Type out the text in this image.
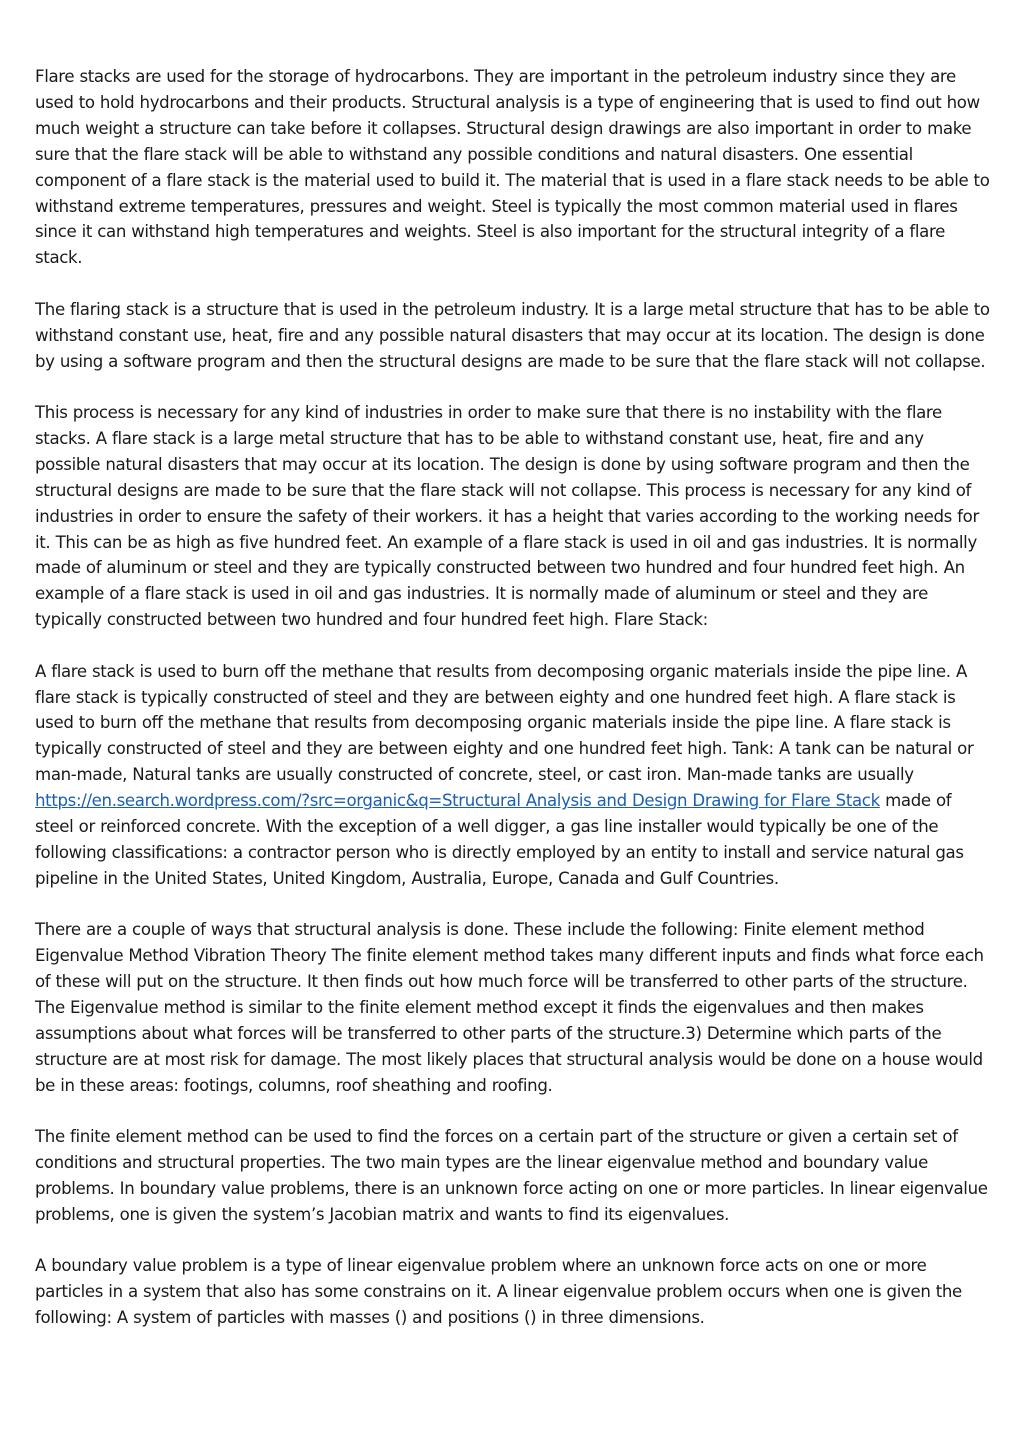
Flare stacks are used for the storage of hydrocarbons. They are important in the petroleum industry since they are used to hold hydrocarbons and their products. Structural analysis is a type of engineering that is used to find out how much weight a structure can take before it collapses. Structural design drawings are also important in order to make sure that the flare stack will be able to withstand any possible conditions and natural disasters. One essential component of a flare stack is the material used to build it. The material that is used in a flare stack needs to be able to withstand extreme temperatures, pressures and weight. Steel is typically the most common material used in flares since it can withstand high temperatures and weights. Steel is also important for the structural integrity of a flare stack.

The flaring stack is a structure that is used in the petroleum industry. It is a large metal structure that has to be able to withstand constant use, heat, fire and any possible natural disasters that may occur at its location. The design is done by using a software program and then the structural designs are made to be sure that the flare stack will not collapse.

This process is necessary for any kind of industries in order to make sure that there is no instability with the flare stacks. A flare stack is a large metal structure that has to be able to withstand constant use, heat, fire and any possible natural disasters that may occur at its location. The design is done by using software program and then the structural designs are made to be sure that the flare stack will not collapse. This process is necessary for any kind of industries in order to ensure the safety of their workers. it has a height that varies according to the working needs for it. This can be as high as five hundred feet. An example of a flare stack is used in oil and gas industries. It is normally made of aluminum or steel and they are typically constructed between two hundred and four hundred feet high. An example of a flare stack is used in oil and gas industries. It is normally made of aluminum or steel and they are typically constructed between two hundred and four hundred feet high. Flare Stack:

A flare stack is used to burn off the methane that results from decomposing organic materials inside the pipe line. A flare stack is typically constructed of steel and they are between eighty and one hundred feet high. A flare stack is used to burn off the methane that results from decomposing organic materials inside the pipe line. A flare stack is typically constructed of steel and they are between eighty and one hundred feet high. Tank: A tank can be natural or man-made, Natural tanks are usually constructed of concrete, steel, or cast iron. Man-made tanks are usually https://en.search.wordpress.com/?src=organic&q=Structural Analysis and Design Drawing for Flare Stack made of steel or reinforced concrete. With the exception of a well digger, a gas line installer would typically be one of the following classifications: a contractor person who is directly employed by an entity to install and service natural gas pipeline in the United States, United Kingdom, Australia, Europe, Canada and Gulf Countries.

There are a couple of ways that structural analysis is done. These include the following: Finite element method Eigenvalue Method Vibration Theory The finite element method takes many different inputs and finds what force each of these will put on the structure. It then finds out how much force will be transferred to other parts of the structure. The Eigenvalue method is similar to the finite element method except it finds the eigenvalues and then makes assumptions about what forces will be transferred to other parts of the structure.3) Determine which parts of the structure are at most risk for damage. The most likely places that structural analysis would be done on a house would be in these areas: footings, columns, roof sheathing and roofing.

The finite element method can be used to find the forces on a certain part of the structure or given a certain set of conditions and structural properties. The two main types are the linear eigenvalue method and boundary value problems. In boundary value problems, there is an unknown force acting on one or more particles. In linear eigenvalue problems, one is given the system’s Jacobian matrix and wants to find its eigenvalues.

A boundary value problem is a type of linear eigenvalue problem where an unknown force acts on one or more particles in a system that also has some constrains on it. A linear eigenvalue problem occurs when one is given the following: A system of particles with masses () and positions () in three dimensions.
